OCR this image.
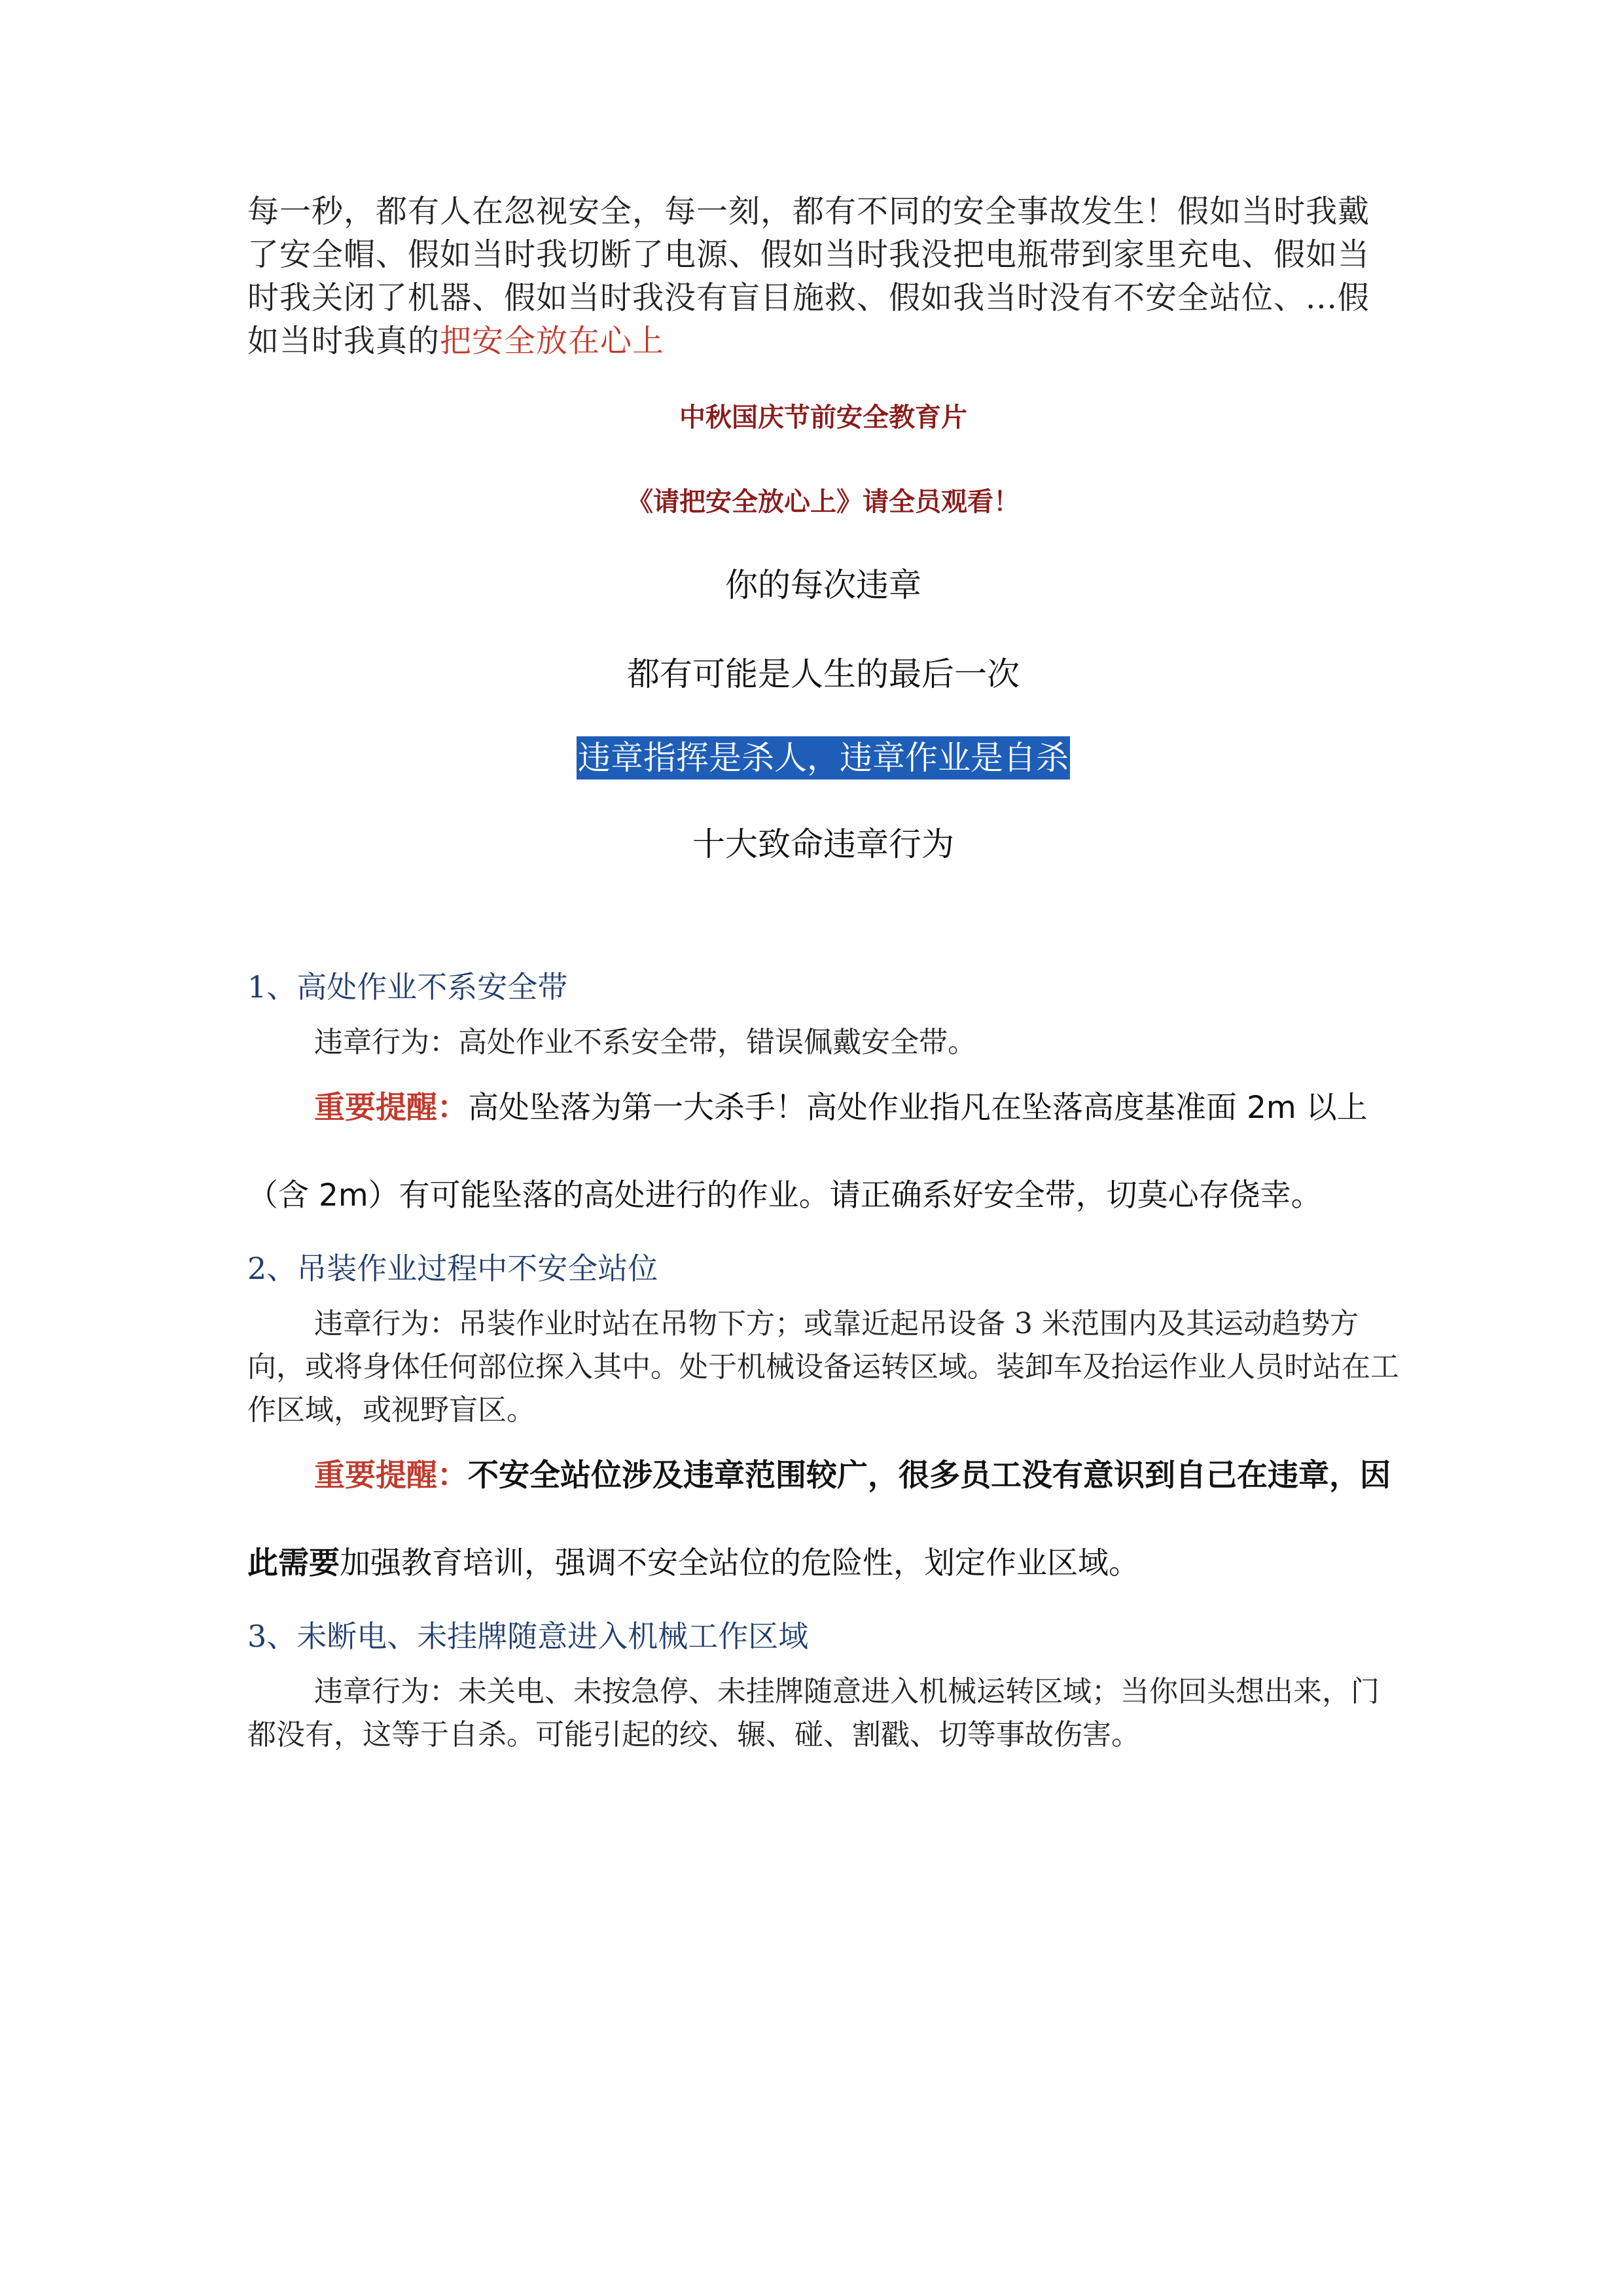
每一秒，都有人在忽视安全，每一刻，都有不同的安全事故发生！假如当时我戴了安全帽、假如当时我切断了电源、假如当时我没把电瓶带到家里充电、假如当时我关闭了机器、假如当时我没有盲目施救、假如我当时没有不安全站位、...假如当时我真的把安全放在心上

中秋国庆节前安全教育片
《请把安全放心上》请全员观看！
你的每次违章
都有可能是人生的最后一次
违章指挥是杀人，违章作业是自杀
十大致命违章行为

1、高处作业不系安全带

违章行为：高处作业不系安全带，错误佩戴安全带。

重要提醒：高处坠落为第一大杀手！高处作业指凡在坠落高度基准面 2m 以上（含 2m）有可能坠落的高处进行的作业。请正确系好安全带，切莫心存侥幸。

2、吊装作业过程中不安全站位

违章行为：吊装作业时站在吊物下方；或靠近起吊设备 3 米范围内及其运动趋势方向，或将身体任何部位探入其中。处于机械设备运转区域。装卸车及抬运作业人员时站在工作区域，或视野盲区。

重要提醒：不安全站位涉及违章范围较广，很多员工没有意识到自己在违章，因此需要加强教育培训，强调不安全站位的危险性，划定作业区域。

3、未断电、未挂牌随意进入机械工作区域

违章行为：未关电、未按急停、未挂牌随意进入机械运转区域；当你回头想出来，门都没有，这等于自杀。可能引起的绞、辗、碰、割戳、切等事故伤害。
